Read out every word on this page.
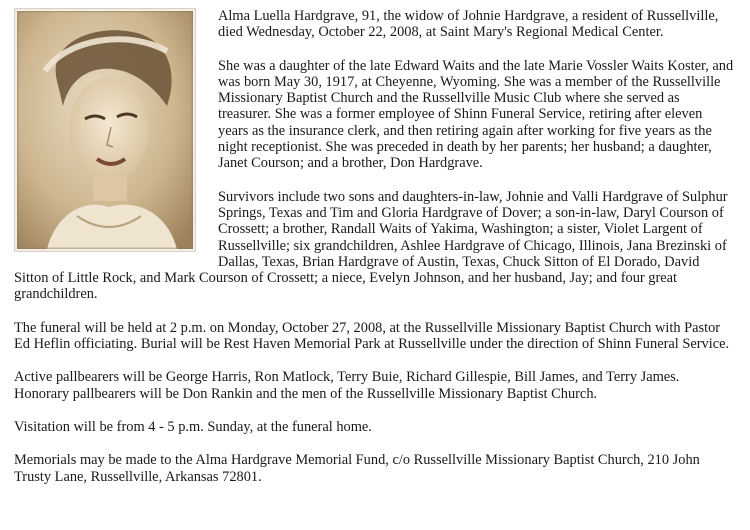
Alma Luella Hardgrave, 91, the widow of Johnie Hardgrave, a resident of Russellville, died Wednesday, October 22, 2008, at Saint Mary's Regional Medical Center.

She was a daughter of the late Edward Waits and the late Marie Vossler Waits Koster, and was born May 30, 1917, at Cheyenne, Wyoming. She was a member of the Russellville Missionary Baptist Church and the Russellville Music Club where she served as treasurer. She was a former employee of Shinn Funeral Service, retiring after eleven years as the insurance clerk, and then retiring again after working for five years as the night receptionist. She was preceded in death by her parents; her husband; a daughter, Janet Courson; and a brother, Don Hardgrave.

Survivors include two sons and daughters-in-law, Johnie and Valli Hardgrave of Sulphur Springs, Texas and Tim and Gloria Hardgrave of Dover; a son-in-law, Daryl Courson of Crossett; a brother, Randall Waits of Yakima, Washington; a sister, Violet Largent of Russellville; six grandchildren, Ashlee Hardgrave of Chicago, Illinois, Jana Brezinski of Dallas, Texas, Brian Hardgrave of Austin, Texas, Chuck Sitton of El Dorado, David Sitton of Little Rock, and Mark Courson of Crossett; a niece, Evelyn Johnson, and her husband, Jay; and four great grandchildren.

The funeral will be held at 2 p.m. on Monday, October 27, 2008, at the Russellville Missionary Baptist Church with Pastor Ed Heflin officiating. Burial will be Rest Haven Memorial Park at Russellville under the direction of Shinn Funeral Service.

Active pallbearers will be George Harris, Ron Matlock, Terry Buie, Richard Gillespie, Bill James, and Terry James. Honorary pallbearers will be Don Rankin and the men of the Russellville Missionary Baptist Church.

Visitation will be from 4 - 5 p.m. Sunday, at the funeral home.

Memorials may be made to the Alma Hardgrave Memorial Fund, c/o Russellville Missionary Baptist Church, 210 John Trusty Lane, Russellville, Arkansas 72801.
